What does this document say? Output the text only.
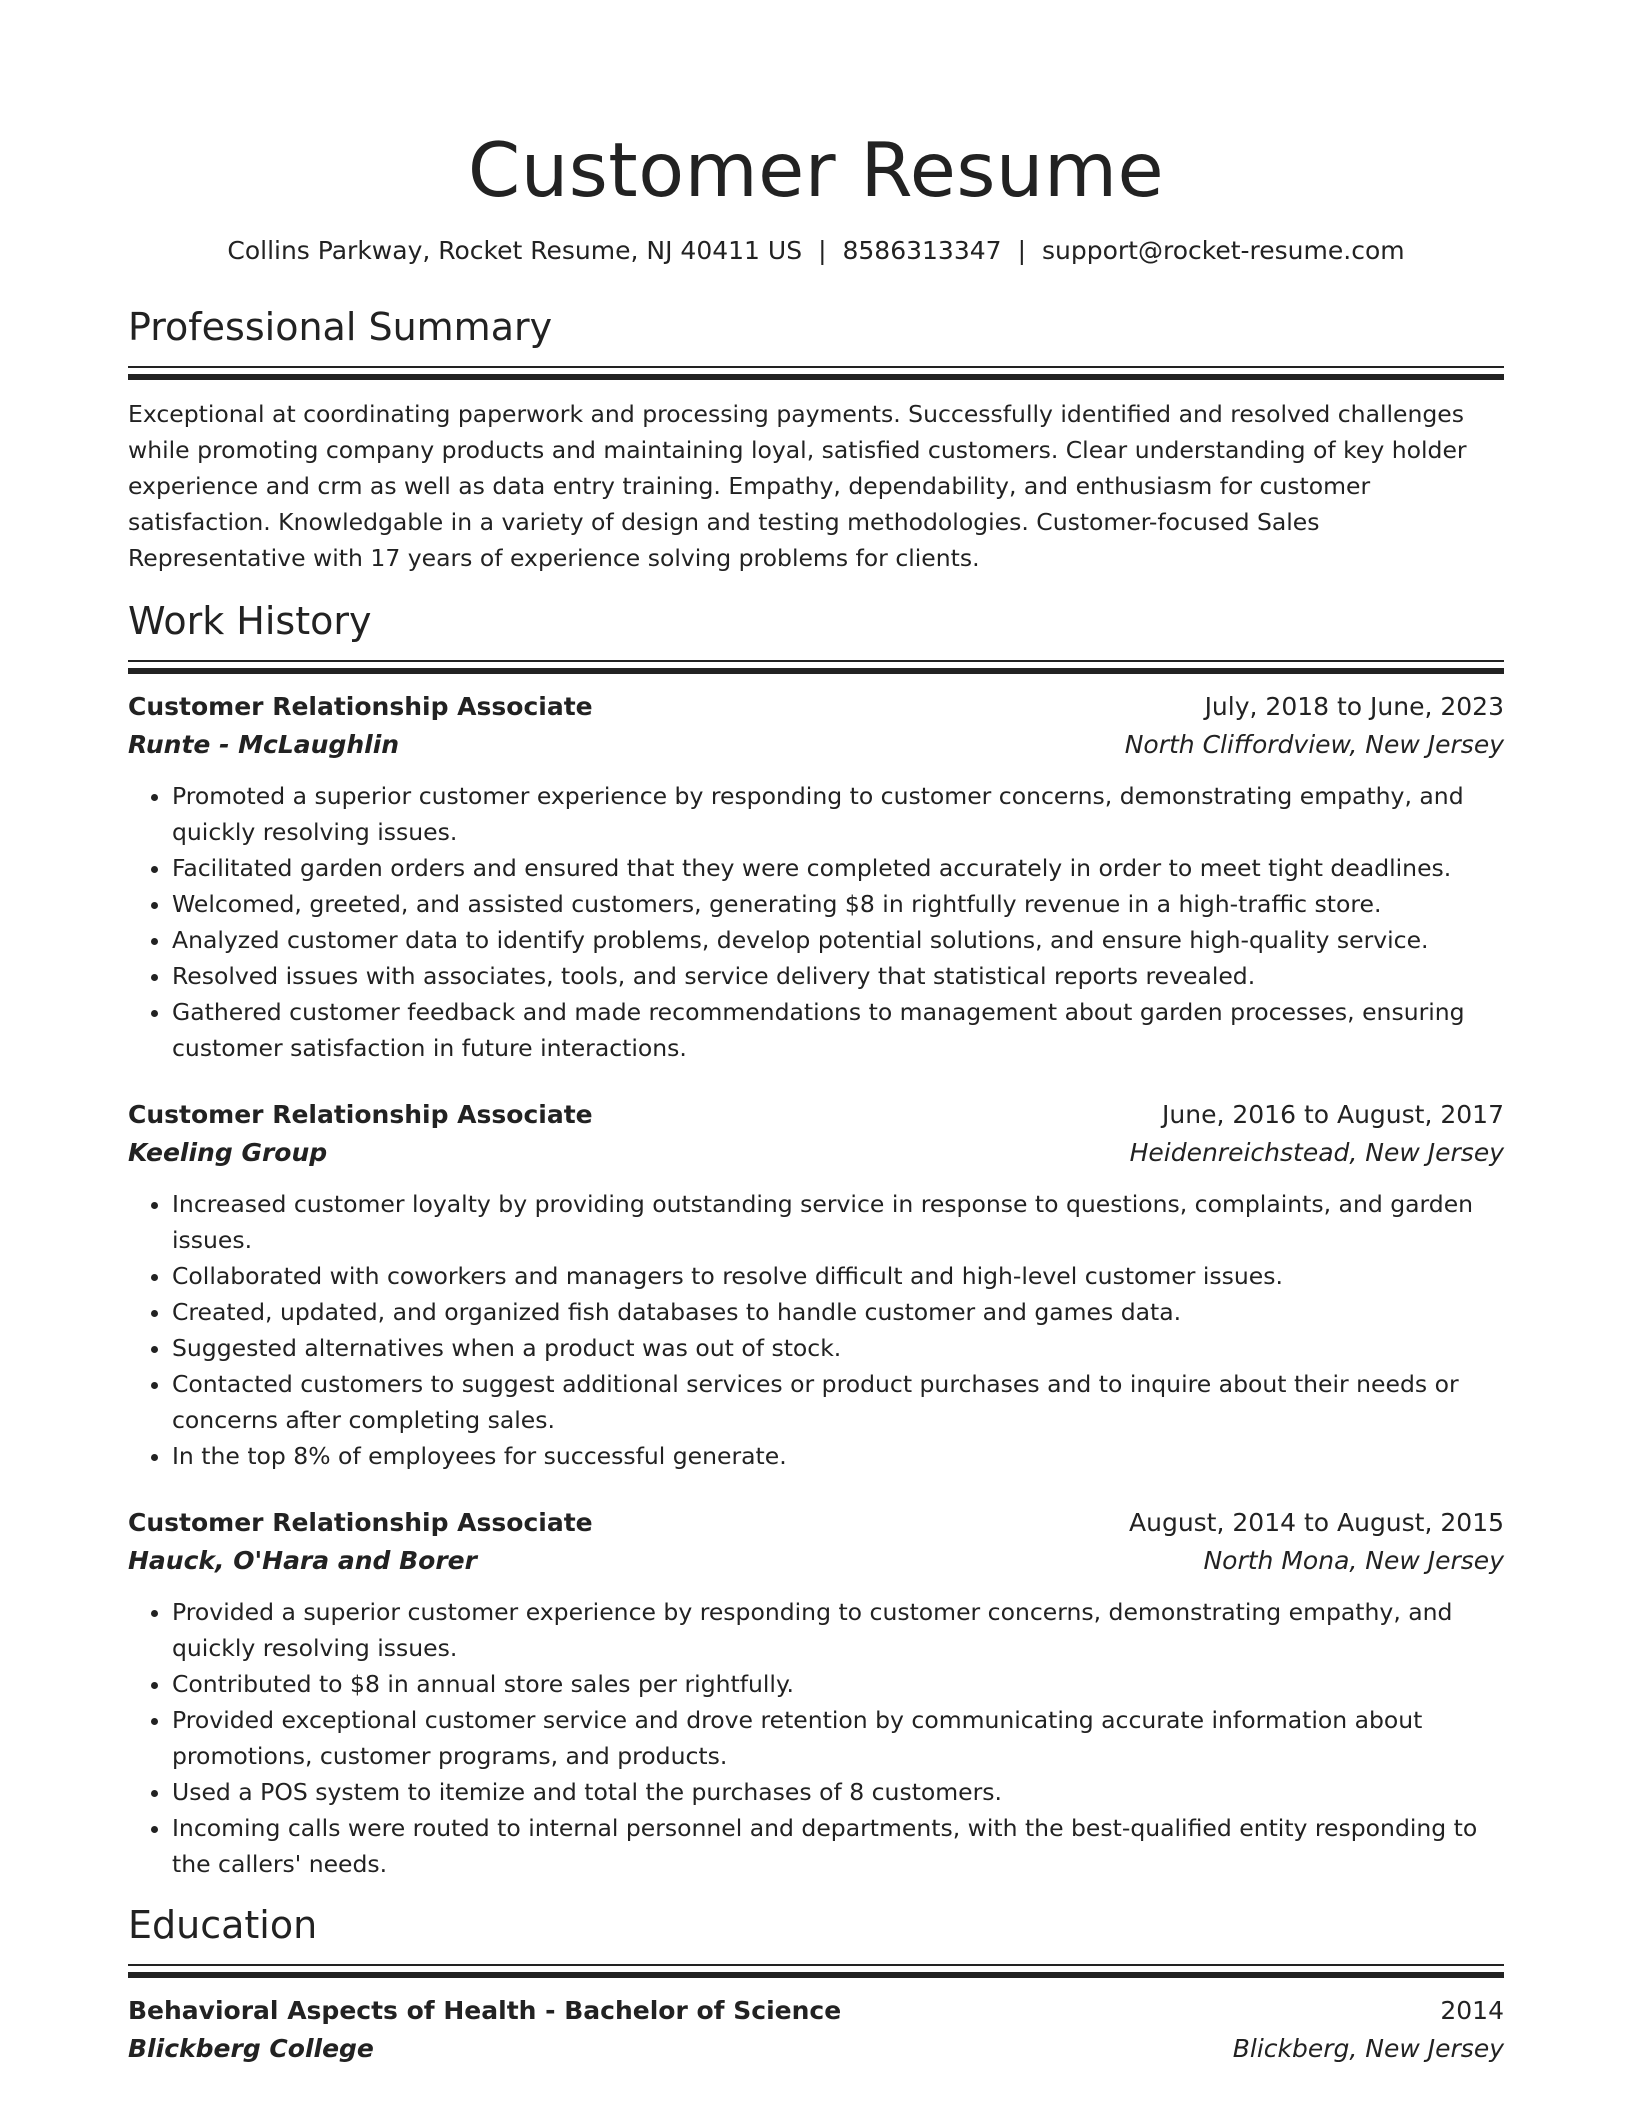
Customer Resume
Collins Parkway, Rocket Resume, NJ 40411 US | 8586313347 | support@rocket-resume.com
Professional Summary

Exceptional at coordinating paperwork and processing payments. Successfully identified and resolved challenges while promoting company products and maintaining loyal, satisfied customers. Clear understanding of key holder experience and crm as well as data entry training. Empathy, dependability, and enthusiasm for customer satisfaction. Knowledgable in a variety of design and testing methodologies. Customer-focused Sales Representative with 17 years of experience solving problems for clients.

Work History
Customer Relationship Associate	July, 2018 to June, 2023
Runte - McLaughlin	North Cliffordview, New Jersey
• Promoted a superior customer experience by responding to customer concerns, demonstrating empathy, and quickly resolving issues.
• Facilitated garden orders and ensured that they were completed accurately in order to meet tight deadlines.
• Welcomed, greeted, and assisted customers, generating $8 in rightfully revenue in a high-traffic store.
• Analyzed customer data to identify problems, develop potential solutions, and ensure high-quality service.
• Resolved issues with associates, tools, and service delivery that statistical reports revealed.
• Gathered customer feedback and made recommendations to management about garden processes, ensuring customer satisfaction in future interactions.
Customer Relationship Associate	June, 2016 to August, 2017
Keeling Group	Heidenreichstead, New Jersey
• Increased customer loyalty by providing outstanding service in response to questions, complaints, and garden issues.
• Collaborated with coworkers and managers to resolve difficult and high-level customer issues.
• Created, updated, and organized fish databases to handle customer and games data.
• Suggested alternatives when a product was out of stock.
• Contacted customers to suggest additional services or product purchases and to inquire about their needs or concerns after completing sales.
• In the top 8% of employees for successful generate.
Customer Relationship Associate	August, 2014 to August, 2015
Hauck, O'Hara and Borer	North Mona, New Jersey
• Provided a superior customer experience by responding to customer concerns, demonstrating empathy, and quickly resolving issues.
• Contributed to $8 in annual store sales per rightfully.
• Provided exceptional customer service and drove retention by communicating accurate information about promotions, customer programs, and products.
• Used a POS system to itemize and total the purchases of 8 customers.
• Incoming calls were routed to internal personnel and departments, with the best-qualified entity responding to the callers' needs.
Education
Behavioral Aspects of Health - Bachelor of Science	2014
Blickberg College	Blickberg, New Jersey
